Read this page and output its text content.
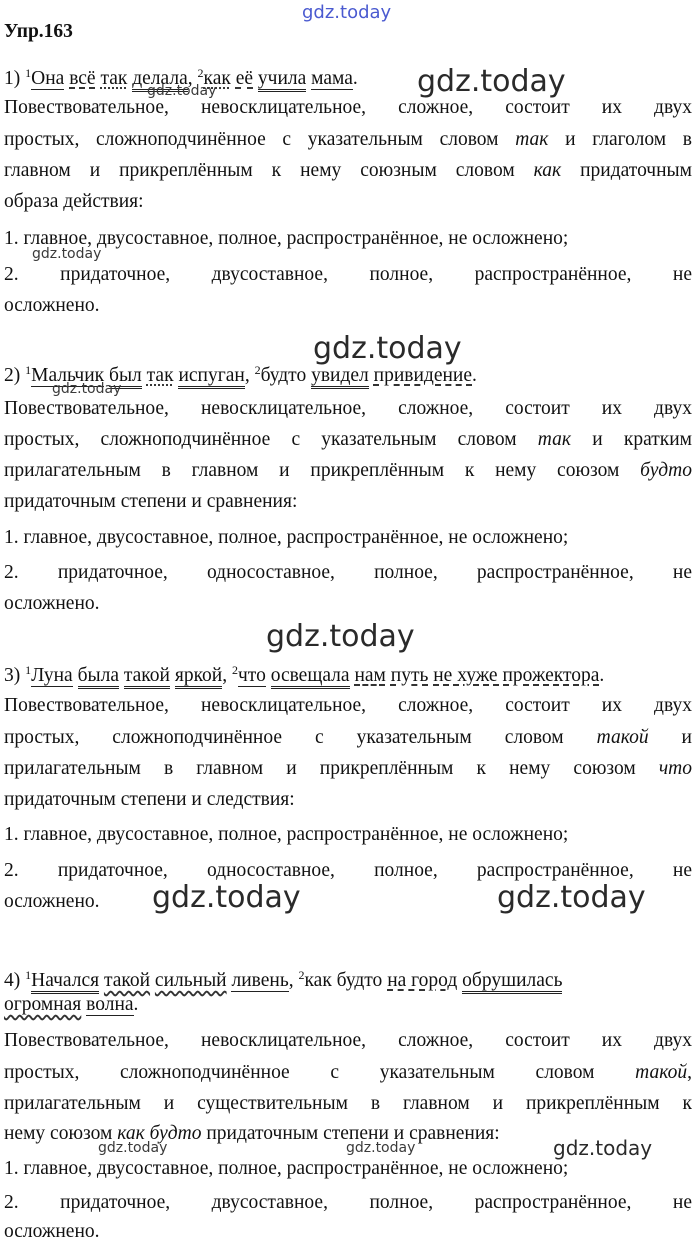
gdz.today
Упр.163
1) $^1$Она всё так делала, $^2$как её учила мама.	gdz.today
gdz.today
Повествовательное, невосклицательное, сложное, состоит их двух
простых, сложноподчинённое с указательным словом так и глаголом в
главном и прикреплённым к нему союзным словом как придаточным
образа действия:
1. главное, двусоставное, полное, распространённое, не осложнено;
gdz.today
2. придаточное, двусоставное, полное, распространённое, не
осложнено.
gdz.today
2) $^1$Мальчик был так испуган, $^2$будто увидел привидение.
gdz.today
Повествовательное, невосклицательное, сложное, состоит их двух
простых, сложноподчинённое с указательным словом так и кратким
прилагательным в главном и прикреплённым к нему союзом будто
придаточным степени и сравнения:
1. главное, двусоставное, полное, распространённое, не осложнено;
2. придаточное, односоставное, полное, распространённое, не
осложнено.
gdz.today
3) $^1$Луна была такой яркой, $^2$что освещала нам путь не хуже прожектора.
Повествовательное, невосклицательное, сложное, состоит их двух
простых, сложноподчинённое с указательным словом такой и
прилагательным в главном и прикреплённым к нему союзом что
придаточным степени и следствия:
1. главное, двусоставное, полное, распространённое, не осложнено;
2. придаточное, односоставное, полное, распространённое, не
осложнено.	gdz.today	gdz.today
4) $^1$Начался такой сильный ливень, $^2$как будто на город обрушилась
огромная волна.
Повествовательное, невосклицательное, сложное, состоит их двух
простых, сложноподчинённое с указательным словом такой,
прилагательным и существительным в главном и прикреплённым к
нему союзом как будто придаточным степени и сравнения:
gdz.today	gdz.today	gdz.today
1. главное, двусоставное, полное, распространённое, не осложнено;
2. придаточное, двусоставное, полное, распространённое, не
осложнено.
